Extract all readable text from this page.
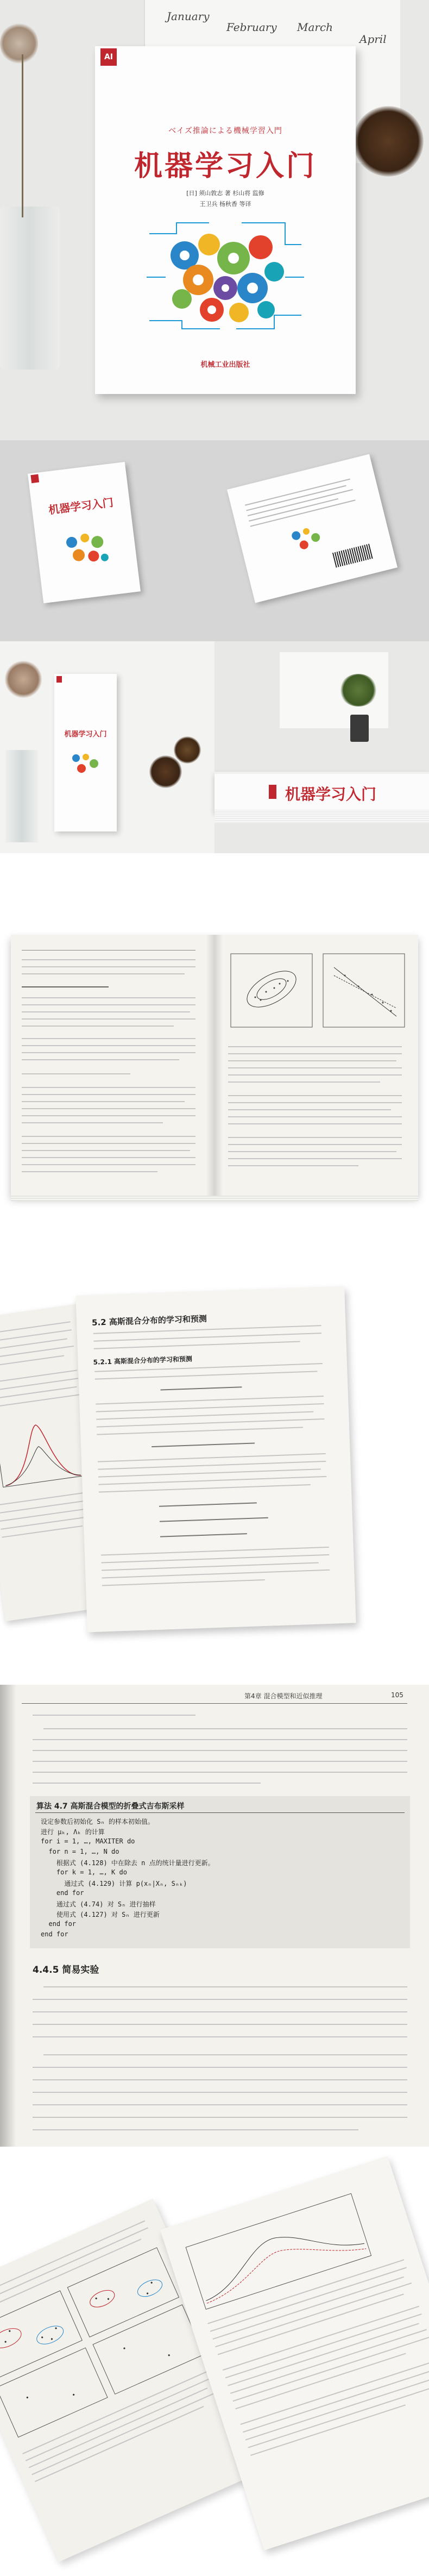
January
February March
April
AI
ベイズ推論による機械学習入門
机器学习入门
[日] 须山敦志 著 杉山将 监修
王卫兵 杨秋香 等译
机械工业出版社
机器学习入门
机器学习入门
机器学习入门
5.2 高斯混合分布的学习和预测
5.2.1 高斯混合分布的学习和预测
第4章 混合模型和近似推理	105
算法 4.7 高斯混合模型的折叠式吉布斯采样
设定参数后初始化 Sₙ 的样本初始值。
进行 μₖ, Λₖ 的计算
for i = 1, …, MAXITER do
for n = 1, …, N do
根据式 (4.128) 中在除去 n 点的统计量进行更新。
for k = 1, …, K do
通过式 (4.129) 计算 p(xₙ|Xₙ, Sₙₖ)
end for
通过式 (4.74) 对 Sₙ 进行抽样
使用式 (4.127) 对 Sₙ 进行更新
end for
end for
4.4.5 简易实验
